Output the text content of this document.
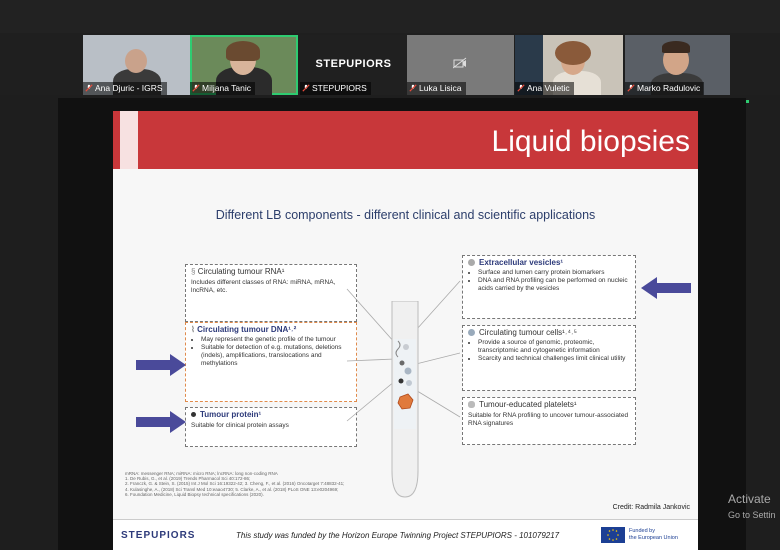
Ana Djuric - IGRS	Miljana Tanic
STEPUPIORS
STEPUPIORS	Luka Lisica	Ana Vuletic	Marko Radulovic
Liquid biopsies
Different LB components - different clinical and scientific applications
§ Circulating tumour RNA¹
Includes different classes of RNA: miRNA, mRNA, lncRNA, etc.
⌇ Circulating tumour DNA¹˒²
• May represent the genetic profile of the tumour
• Suitable for detection of e.g. mutations, deletions (indels), amplifications, translocations and methylations
Tumour protein¹
Suitable for clinical protein assays
Extracellular vesicles¹
• Surface and lumen carry protein biomarkers
• DNA and RNA profiling can be performed on nucleic acids carried by the vesicles
Circulating tumour cells¹˒⁴˒⁵
• Provide a source of genomic, proteomic, transcriptomic and cytogenetic information
• Scarcity and technical challenges limit clinical utility
Tumour-educated platelets¹
Suitable for RNA profiling to uncover tumour-associated RNA signatures
mRNA: messenger RNA; miRNA: micro RNA; lncRNA: long non-coding RNA
1. De Rubis, G., et al. (2019) Trends Pharmacol Sci 40:172-86;
2. Franczk, G. & Stein, S. (2015) Int J Mol Sci 16:19322-42; 3. Cheng, F., et al. (2016) Oncotarget 7:48832-41;
4. Kulasinghe, A., (2018) Sci Transl Med 10:eaao4730; 5. Clarke, A., et al. (2018) PLoS ONE 13:e0204969;
6. Foundation Medicine, Liquid Biopsy technical specifications (2020).
Credit: Radmila Jankovic
STEPUPIORS	This study was funded by the Horizon Europe Twinning Project STEPUPIORS - 101079217	Funded by
the European Union
Activate
Go to Settin
